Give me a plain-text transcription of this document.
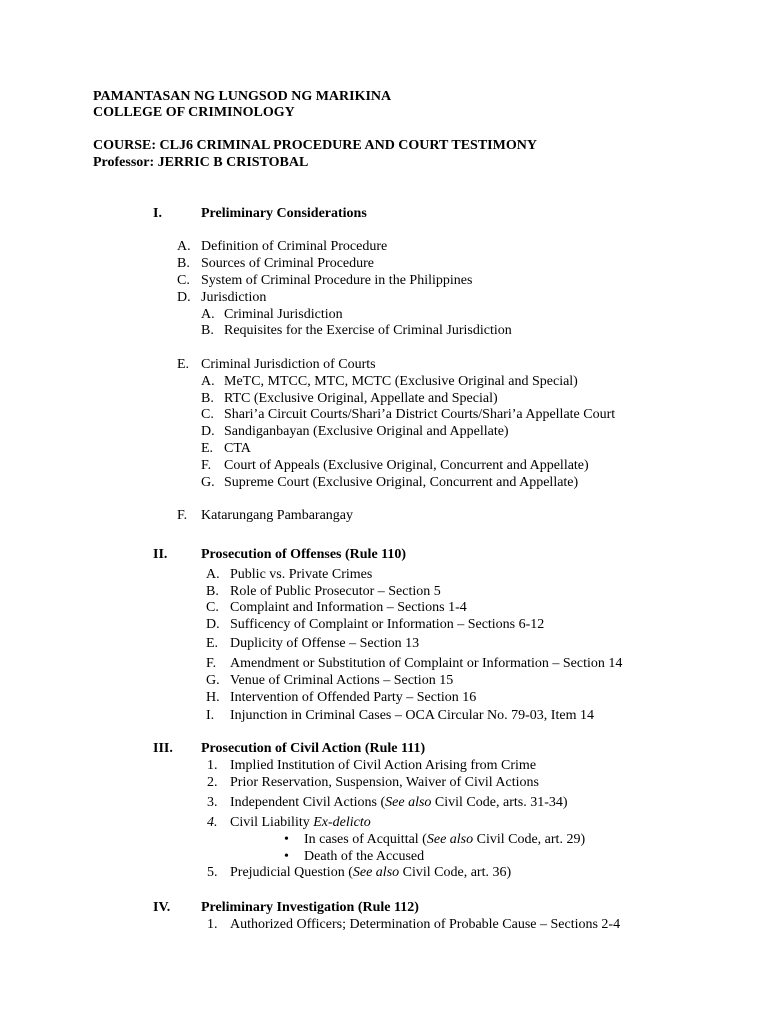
PAMANTASAN NG LUNGSOD NG MARIKINA
COLLEGE OF CRIMINOLOGY
COURSE: CLJ6 CRIMINAL PROCEDURE AND COURT TESTIMONY
Professor: JERRIC B CRISTOBAL
I.	Preliminary Considerations
A. Definition of Criminal Procedure
B. Sources of Criminal Procedure
C. System of Criminal Procedure in the Philippines
D. Jurisdiction
A. Criminal Jurisdiction
B. Requisites for the Exercise of Criminal Jurisdiction
E. Criminal Jurisdiction of Courts
A. MeTC, MTCC, MTC, MCTC (Exclusive Original and Special)
B. RTC (Exclusive Original, Appellate and Special)
C. Shari’a Circuit Courts/Shari’a District Courts/Shari’a Appellate Court
D. Sandiganbayan (Exclusive Original and Appellate)
E. CTA
F. Court of Appeals (Exclusive Original, Concurrent and Appellate)
G. Supreme Court (Exclusive Original, Concurrent and Appellate)
F. Katarungang Pambarangay
II. Prosecution of Offenses (Rule 110)
A. Public vs. Private Crimes
B. Role of Public Prosecutor – Section 5
C. Complaint and Information – Sections 1-4
D. Sufficency of Complaint or Information – Sections 6-12
E. Duplicity of Offense – Section 13
F. Amendment or Substitution of Complaint or Information – Section 14
G. Venue of Criminal Actions – Section 15
H. Intervention of Offended Party – Section 16
I. Injunction in Criminal Cases – OCA Circular No. 79-03, Item 14
III. Prosecution of Civil Action (Rule 111)
1. Implied Institution of Civil Action Arising from Crime
2. Prior Reservation, Suspension, Waiver of Civil Actions
3. Independent Civil Actions (See also Civil Code, arts. 31-34)
4. Civil Liability Ex-delicto
• In cases of Acquittal (See also Civil Code, art. 29)
• Death of the Accused
5. Prejudicial Question (See also Civil Code, art. 36)
IV. Preliminary Investigation (Rule 112)
1. Authorized Officers; Determination of Probable Cause – Sections 2-4
